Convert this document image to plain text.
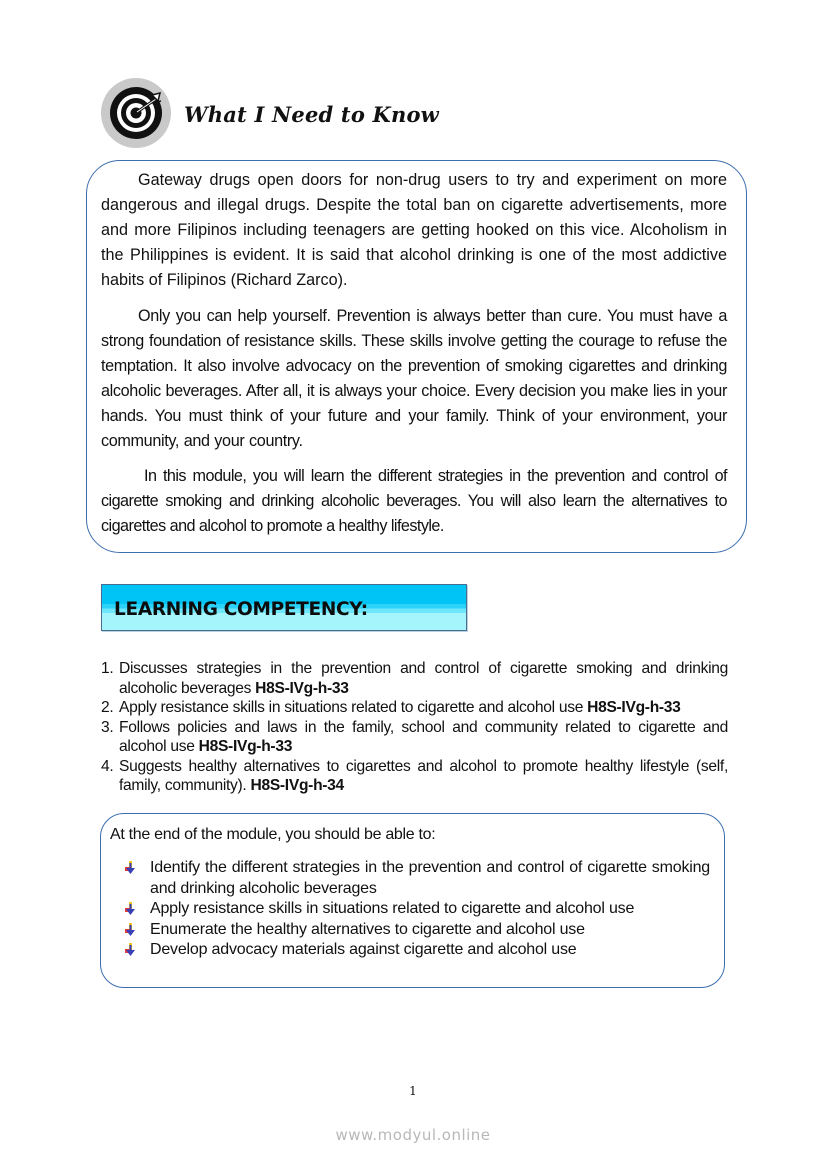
What I Need to Know

Gateway drugs open doors for non-drug users to try and experiment on more dangerous and illegal drugs. Despite the total ban on cigarette advertisements, more and more Filipinos including teenagers are getting hooked on this vice. Alcoholism in the Philippines is evident. It is said that alcohol drinking is one of the most addictive habits of Filipinos (Richard Zarco).

Only you can help yourself. Prevention is always better than cure. You must have a strong foundation of resistance skills. These skills involve getting the courage to refuse the temptation. It also involve advocacy on the prevention of smoking cigarettes and drinking alcoholic beverages. After all, it is always your choice. Every decision you make lies in your hands. You must think of your future and your family. Think of your environment, your community, and your country.

In this module, you will learn the different strategies in the prevention and control of cigarette smoking and drinking alcoholic beverages. You will also learn the alternatives to cigarettes and alcohol to promote a healthy lifestyle.

LEARNING COMPETENCY:
1. Discusses strategies in the prevention and control of cigarette smoking and drinking alcoholic beverages H8S-IVg-h-33
2. Apply resistance skills in situations related to cigarette and alcohol use H8S-IVg-h-33
3. Follows policies and laws in the family, school and community related to cigarette and alcohol use H8S-IVg-h-33
4. Suggests healthy alternatives to cigarettes and alcohol to promote healthy lifestyle (self, family, community). H8S-IVg-h-34
At the end of the module, you should be able to:
Identify the different strategies in the prevention and control of cigarette smoking and drinking alcoholic beverages
Apply resistance skills in situations related to cigarette and alcohol use
Enumerate the healthy alternatives to cigarette and alcohol use
Develop advocacy materials against cigarette and alcohol use
1
www.modyul.online
